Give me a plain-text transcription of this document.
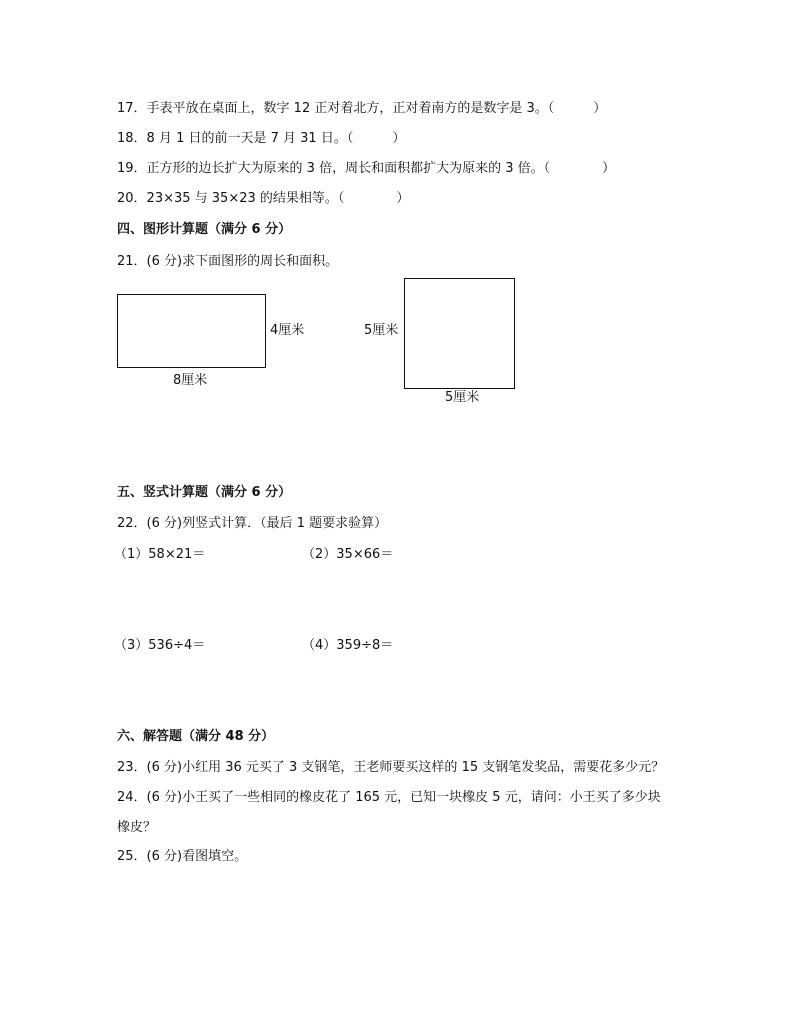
17．手表平放在桌面上，数字 12 正对着北方，正对着南方的是数字是 3。（　　　）
18．8 月 1 日的前一天是 7 月 31 日。（　　　）
19．正方形的边长扩大为原来的 3 倍，周长和面积都扩大为原来的 3 倍。（　　　　）
20．23×35 与 35×23 的结果相等。（　　　　）
四、图形计算题（满分 6 分）
21．(6 分)求下面图形的周长和面积。
4厘米
8厘米
5厘米
5厘米
五、竖式计算题（满分 6 分）
22．(6 分)列竖式计算．（最后 1 题要求验算）
（1）58×21＝	（2）35×66＝
（3）536÷4＝	（4）359÷8＝
六、解答题（满分 48 分）
23．(6 分)小红用 36 元买了 3 支钢笔，王老师要买这样的 15 支钢笔发奖品，需要花多少元？
24．(6 分)小王买了一些相同的橡皮花了 165 元，已知一块橡皮 5 元，请问：小王买了多少块
橡皮？
25．(6 分)看图填空。
